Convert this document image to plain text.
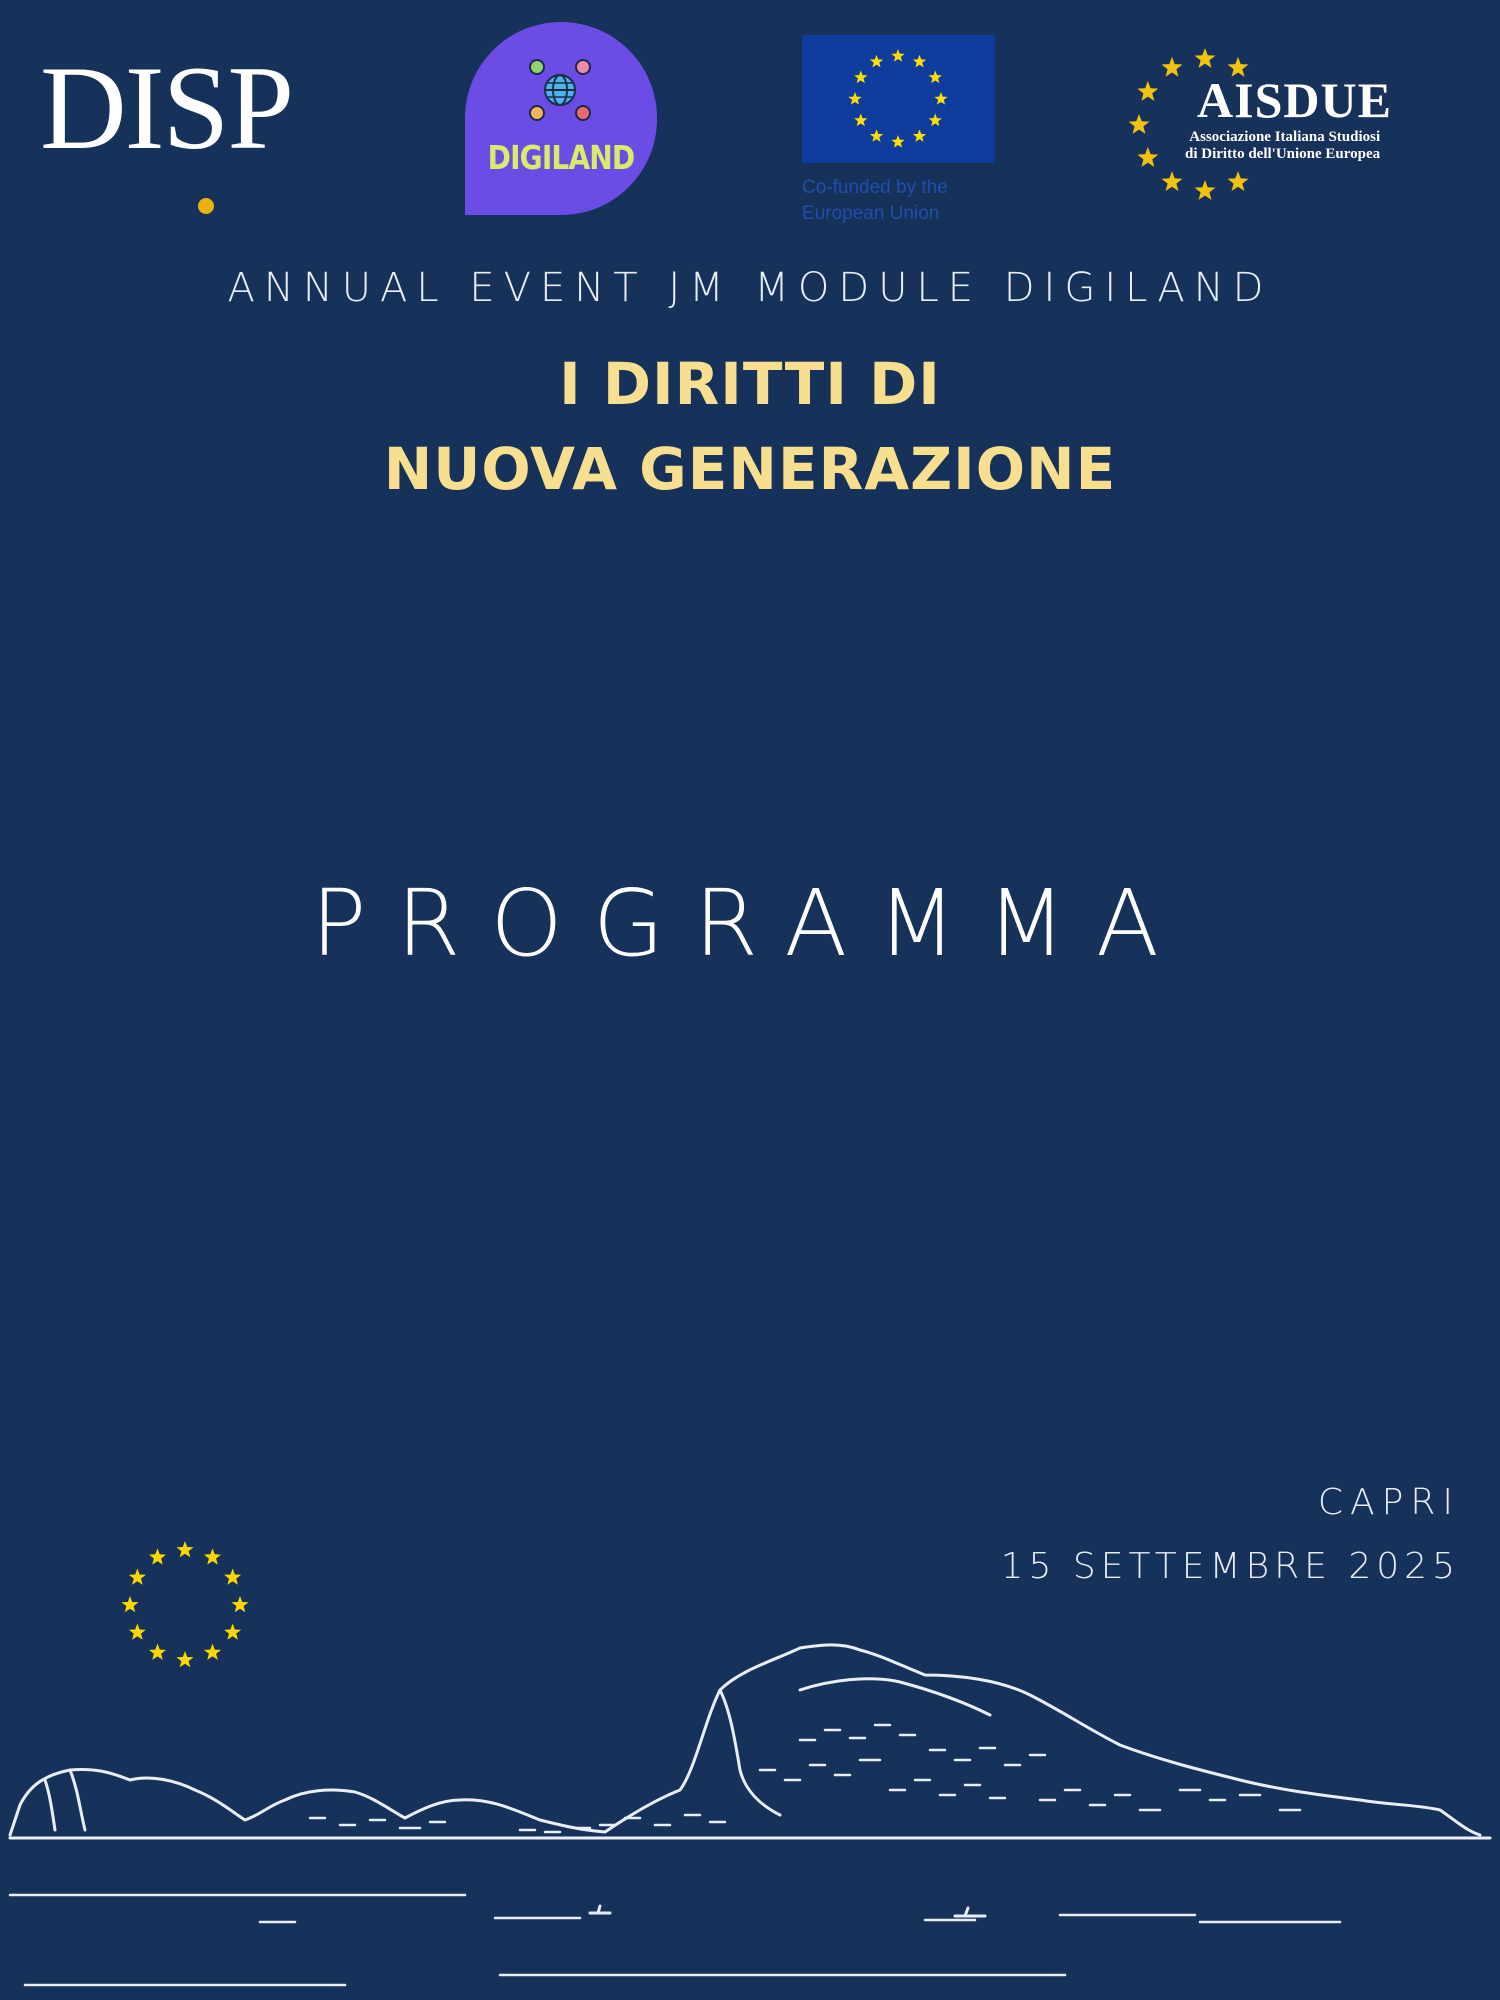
DISP	DIGILAND
Co-funded by the
European Union
AISDUE
Associazione Italiana Studiosi
di Diritto dell'Unione Europea
ANNUAL EVENT JM MODULE DIGILAND
I DIRITTI DI
NUOVA GENERAZIONE
PROGRAMMA
CAPRI
15 SETTEMBRE 2025
